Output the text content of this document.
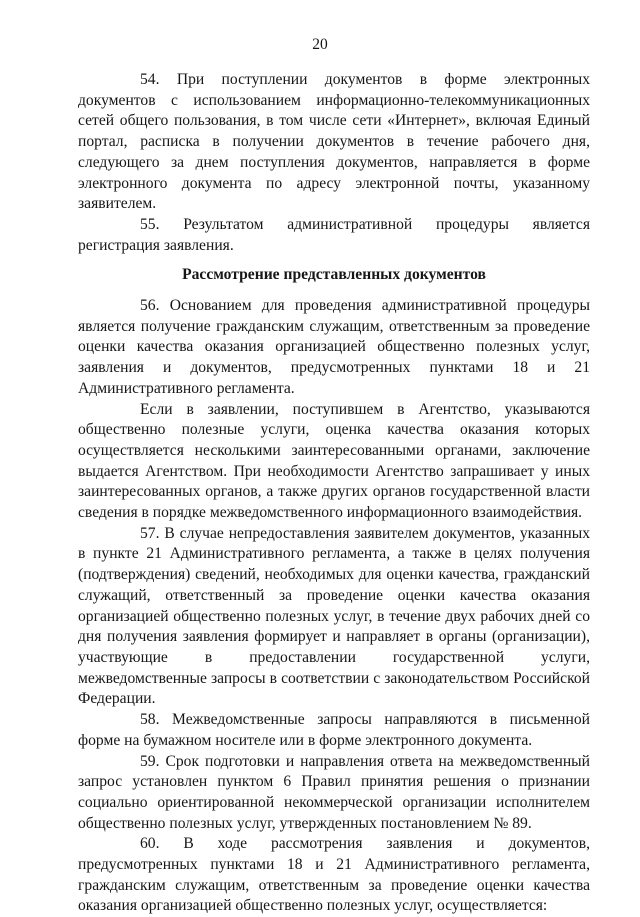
20

54. При поступлении документов в форме электронных документов с использованием информационно-телекоммуникационных сетей общего пользования, в том числе сети «Интернет», включая Единый портал, расписка в получении документов в течение рабочего дня, следующего за днем поступления документов, направляется в форме электронного документа по адресу электронной почты, указанному заявителем.

55. Результатом административной процедуры является регистрация заявления.

Рассмотрение представленных документов

56. Основанием для проведения административной процедуры является получение гражданским служащим, ответственным за проведение оценки качества оказания организацией общественно полезных услуг, заявления и документов, предусмотренных пунктами 18 и 21 Административного регламента.

Если в заявлении, поступившем в Агентство, указываются общественно полезные услуги, оценка качества оказания которых осуществляется несколькими заинтересованными органами, заключение выдается Агентством. При необходимости Агентство запрашивает у иных заинтересованных органов, а также других органов государственной власти сведения в порядке межведомственного информационного взаимодействия.

57. В случае непредоставления заявителем документов, указанных в пункте 21 Административного регламента, а также в целях получения (подтверждения) сведений, необходимых для оценки качества, гражданский служащий, ответственный за проведение оценки качества оказания организацией общественно полезных услуг, в течение двух рабочих дней со дня получения заявления формирует и направляет в органы (организации), участвующие в предоставлении государственной услуги, межведомственные запросы в соответствии с законодательством Российской Федерации.

58. Межведомственные запросы направляются в письменной форме на бумажном носителе или в форме электронного документа.

59. Срок подготовки и направления ответа на межведомственный запрос установлен пунктом 6 Правил принятия решения о признании социально ориентированной некоммерческой организации исполнителем общественно полезных услуг, утвержденных постановлением № 89.

60. В ходе рассмотрения заявления и документов, предусмотренных пунктами 18 и 21 Административного регламента, гражданским служащим, ответственным за проведение оценки качества оказания организацией общественно полезных услуг, осуществляется:
